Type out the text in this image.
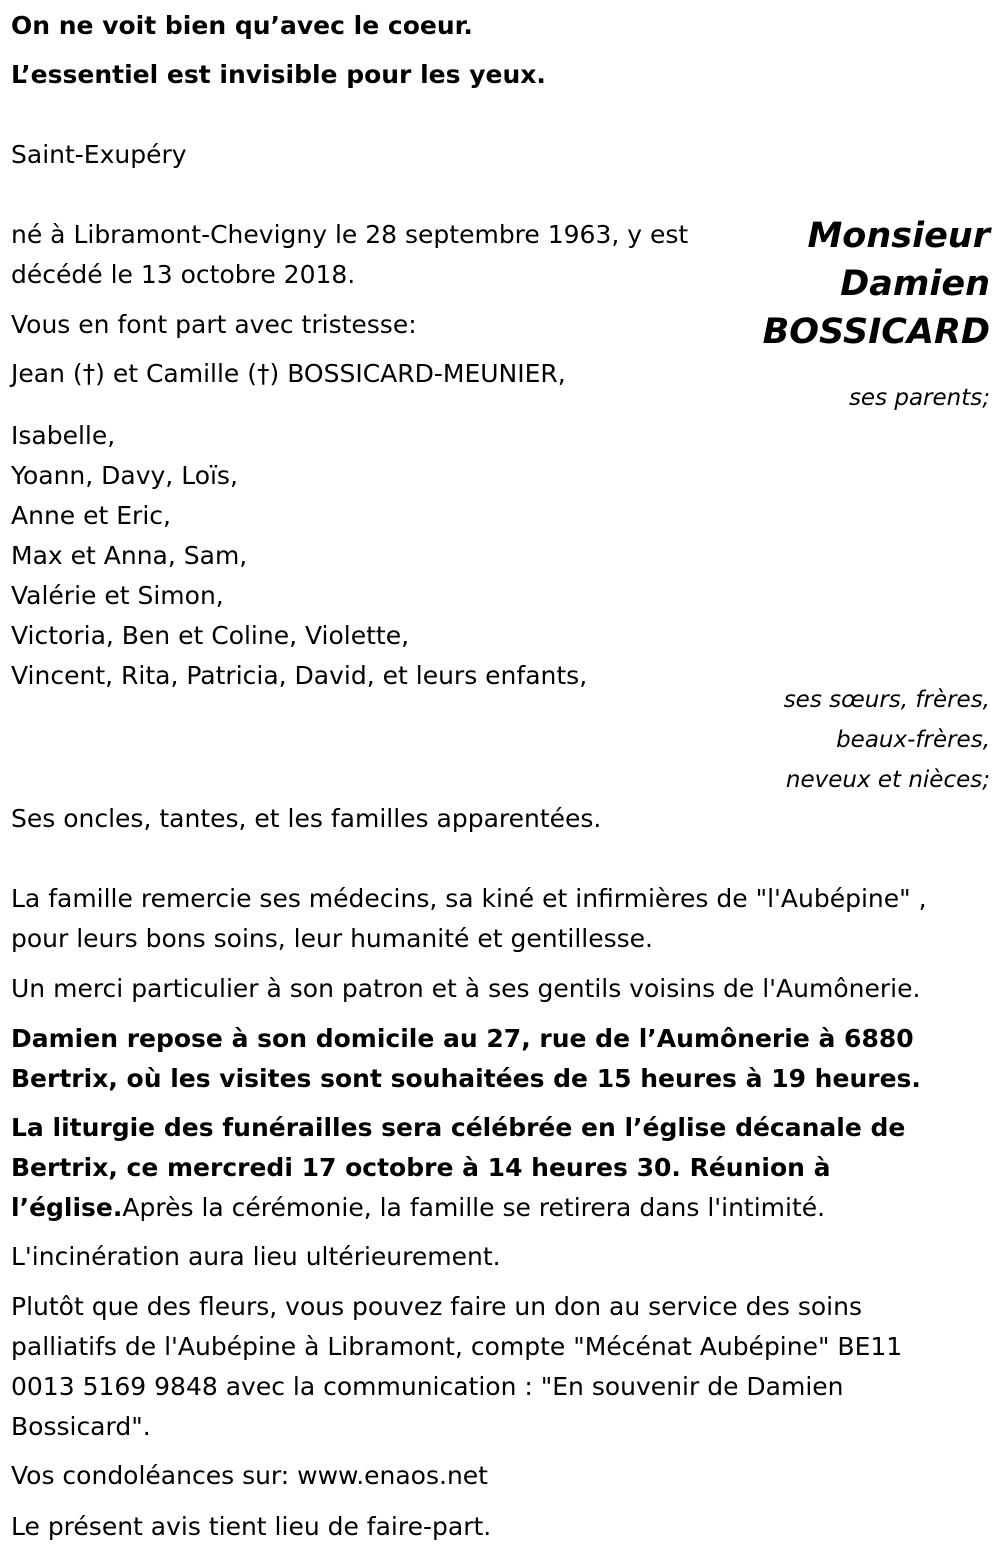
On ne voit bien qu’avec le coeur.
L’essentiel est invisible pour les yeux.
Saint-Exupéry
Monsieur
Damien
BOSSICARD
né à Libramont-Chevigny le 28 septembre 1963, y est
décédé le 13 octobre 2018.
Vous en font part avec tristesse:
Jean (†) et Camille (†) BOSSICARD-MEUNIER,
ses parents;
Isabelle,
Yoann, Davy, Loïs,
Anne et Eric,
Max et Anna, Sam,
Valérie et Simon,
Victoria, Ben et Coline, Violette,
Vincent, Rita, Patricia, David, et leurs enfants,
ses sœurs, frères,
beaux-frères,
neveux et nièces;
Ses oncles, tantes, et les familles apparentées.
La famille remercie ses médecins, sa kiné et infirmières de "l'Aubépine" ,
pour leurs bons soins, leur humanité et gentillesse.
Un merci particulier à son patron et à ses gentils voisins de l'Aumônerie.
Damien repose à son domicile au 27, rue de l’Aumônerie à 6880
Bertrix, où les visites sont souhaitées de 15 heures à 19 heures.
La liturgie des funérailles sera célébrée en l’église décanale de
Bertrix, ce mercredi 17 octobre à 14 heures 30. Réunion à
l’église.Après la cérémonie, la famille se retirera dans l'intimité.
L'incinération aura lieu ultérieurement.
Plutôt que des fleurs, vous pouvez faire un don au service des soins
palliatifs de l'Aubépine à Libramont, compte "Mécénat Aubépine" BE11
0013 5169 9848 avec la communication : "En souvenir de Damien
Bossicard".
Vos condoléances sur: www.enaos.net
Le présent avis tient lieu de faire-part.
